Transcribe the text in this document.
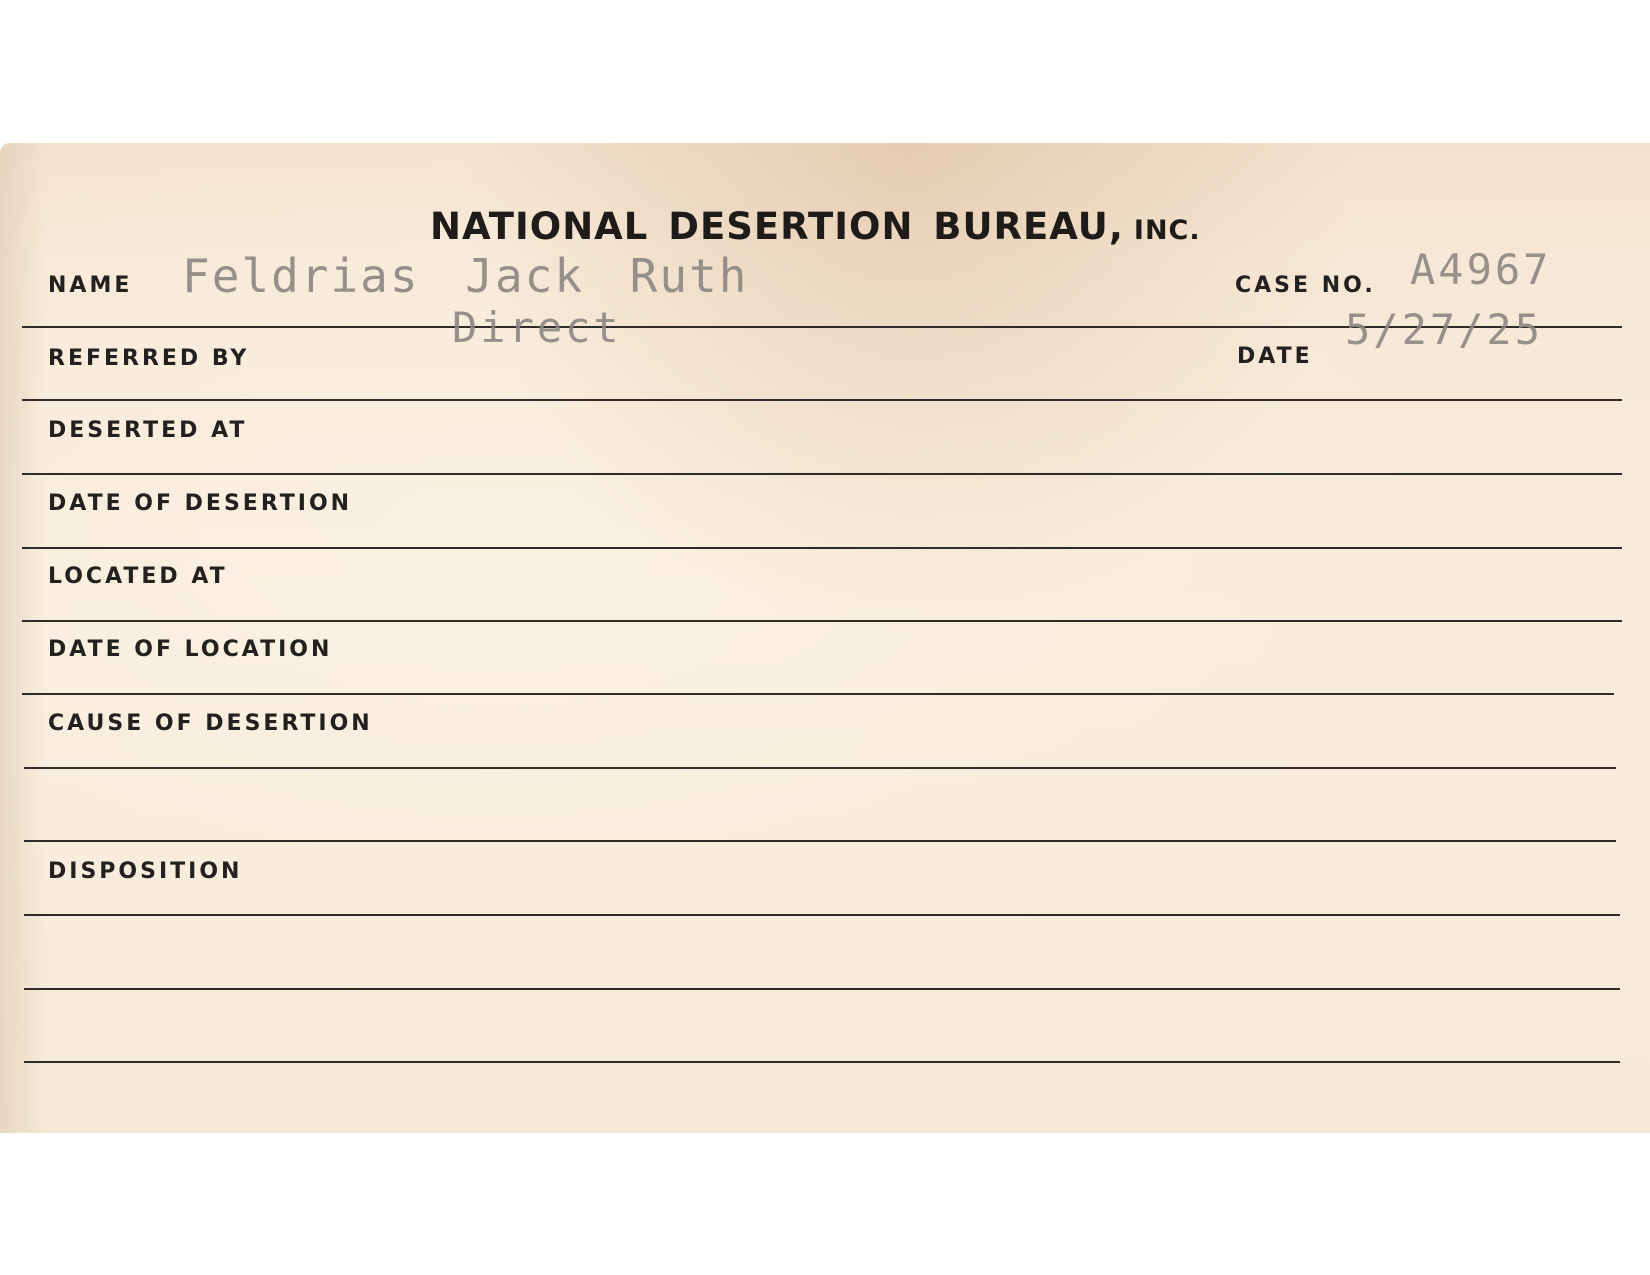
NATIONAL DESERTION BUREAU, INC.
NAME Feldrias Jack Ruth	CASE NO. A4967
REFERRED BY
Direct
DATE
5/27/25
DESERTED AT
DATE OF DESERTION
LOCATED AT
DATE OF LOCATION
CAUSE OF DESERTION
DISPOSITION
